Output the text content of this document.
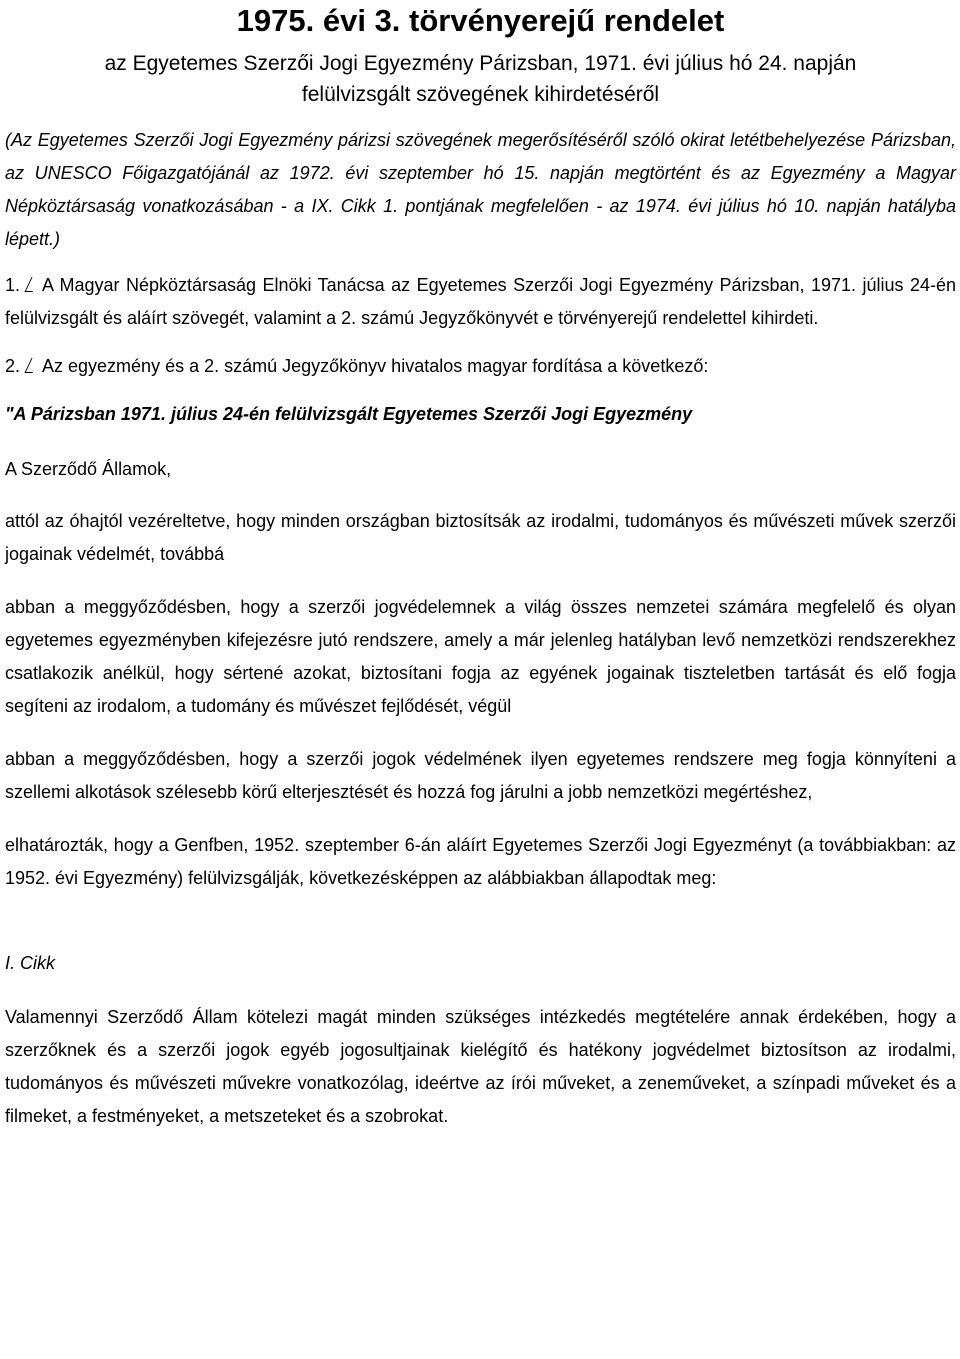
1975. évi 3. törvényerejű rendelet
az Egyetemes Szerzői Jogi Egyezmény Párizsban, 1971. évi július hó 24. napján
felülvizsgált szövegének kihirdetéséről

(Az Egyetemes Szerzői Jogi Egyezmény párizsi szövegének megerősítéséről szóló okirat letétbehelyezése Párizsban, az UNESCO Főigazgatójánál az 1972. évi szeptember hó 15. napján megtörtént és az Egyezmény a Magyar Népköztársaság vonatkozásában - a IX. Cikk 1. pontjának megfelelően - az 1974. évi július hó 10. napján hatályba lépett.)

1. A Magyar Népköztársaság Elnöki Tanácsa az Egyetemes Szerzői Jogi Egyezmény Párizsban, 1971. július 24-én felülvizsgált és aláírt szövegét, valamint a 2. számú Jegyzőkönyvét e törvényerejű rendelettel kihirdeti.

2. Az egyezmény és a 2. számú Jegyzőkönyv hivatalos magyar fordítása a következő:

"A Párizsban 1971. július 24-én felülvizsgált Egyetemes Szerzői Jogi Egyezmény

A Szerződő Államok,

attól az óhajtól vezéreltetve, hogy minden országban biztosítsák az irodalmi, tudományos és művészeti művek szerzői jogainak védelmét, továbbá

abban a meggyőződésben, hogy a szerzői jogvédelemnek a világ összes nemzetei számára megfelelő és olyan egyetemes egyezményben kifejezésre jutó rendszere, amely a már jelenleg hatályban levő nemzetközi rendszerekhez csatlakozik anélkül, hogy sértené azokat, biztosítani fogja az egyének jogainak tiszteletben tartását és elő fogja segíteni az irodalom, a tudomány és művészet fejlődését, végül

abban a meggyőződésben, hogy a szerzői jogok védelmének ilyen egyetemes rendszere meg fogja könnyíteni a szellemi alkotások szélesebb körű elterjesztését és hozzá fog járulni a jobb nemzetközi megértéshez,

elhatározták, hogy a Genfben, 1952. szeptember 6-án aláírt Egyetemes Szerzői Jogi Egyezményt (a továbbiakban: az 1952. évi Egyezmény) felülvizsgálják, következésképpen az alábbiakban állapodtak meg:

I. Cikk

Valamennyi Szerződő Állam kötelezi magát minden szükséges intézkedés megtételére annak érdekében, hogy a szerzőknek és a szerzői jogok egyéb jogosultjainak kielégítő és hatékony jogvédelmet biztosítson az irodalmi, tudományos és művészeti művekre vonatkozólag, ideértve az írói műveket, a zeneműveket, a színpadi műveket és a filmeket, a festményeket, a metszeteket és a szobrokat.
